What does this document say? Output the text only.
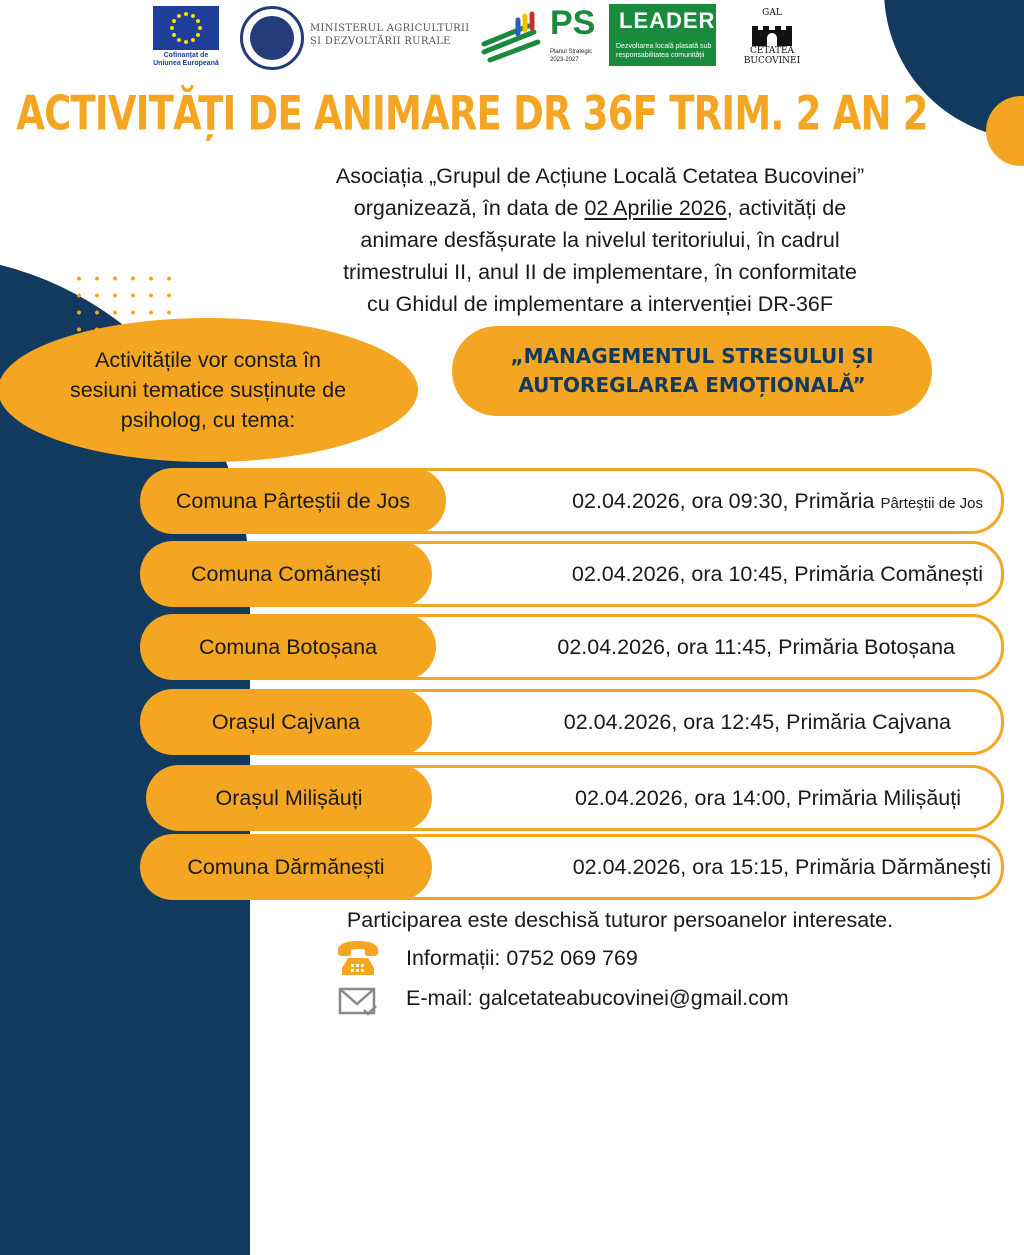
Cofinanțat de Uniunea Europeană
MINISTERUL AGRICULTURII
ȘI DEZVOLTĂRII RURALE	PS
Planul Strategic
2023-2027
LEADER
Dezvoltarea locală plasată sub responsabilitatea comunității
GAL
CETATEA
BUCOVINEI
ACTIVITĂȚI DE ANIMARE DR 36F TRIM. 2 AN 2
Asociația „Grupul de Acțiune Locală Cetatea Bucovinei”
organizează, în data de 02 Aprilie 2026, activități de
animare desfășurate la nivelul teritoriului, în cadrul
trimestrului II, anul II de implementare, în conformitate
cu Ghidul de implementare a intervenției DR-36F
Activitățile vor consta în
sesiuni tematice susținute de
psiholog, cu tema:
„MANAGEMENTUL STRESULUI ȘI
AUTOREGLAREA EMOȚIONALĂ”
02.04.2026, ora 09:30, Primăria Pârteștii de Jos
Comuna Pârteștii de Jos
02.04.2026, ora 10:45, Primăria Comănești
Comuna Comănești
02.04.2026, ora 11:45, Primăria Botoșana
Comuna Botoșana
02.04.2026, ora 12:45, Primăria Cajvana
Orașul Cajvana
02.04.2026, ora 14:00, Primăria Milișăuți
Orașul Milișăuți
02.04.2026, ora 15:15, Primăria Dărmănești
Comuna Dărmănești
Participarea este deschisă tuturor persoanelor interesate.
Informații: 0752 069 769
E-mail: galcetateabucovinei@gmail.com
